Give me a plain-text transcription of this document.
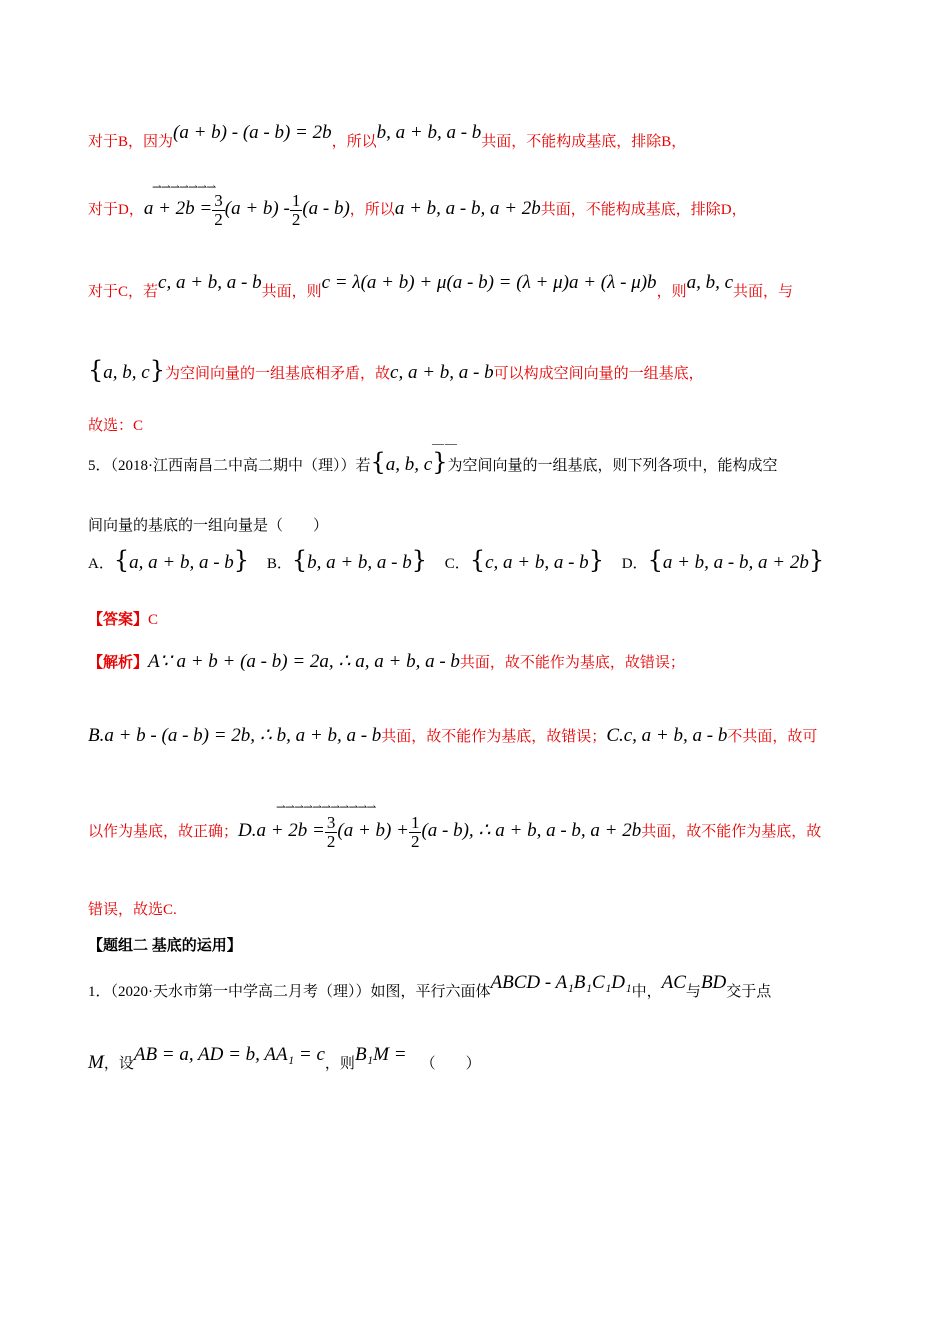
对于B，因为(a + b) - (a - b) = 2b，所以b, a + b, a - b共面，不能构成基底，排除B，
⇀⇀⇀⇀⇀⇀⇀
对于D，$a + 2b = \frac{3}{2} (a + b) - \frac{1}{2} (a - b)$，所以a + b, a - b, a + 2b共面，不能构成基底，排除D，
对于C，若c, a + b, a - b共面，则c = λ(a + b) + μ(a - b) = (λ + μ)a + (λ - μ)b，则a, b, c共面，与
{a, b, c}为空间向量的一组基底相矛盾，故c, a + b, a - b可以构成空间向量的一组基底，
故选：C
— —
5．（2018·江西南昌二中高二期中（理））若{a, b, c}为空间向量的一组基底，则下列各项中，能构成空
间向量的基底的一组向量是（　　）
A．{a, a + b, a - b} B．{b, a + b, a - b} C．{c, a + b, a - b} D．{a + b, a - b, a + 2b}
【答案】C
【解析】A∵ a + b + (a - b) = 2a, ∴ a, a + b, a - b共面，故不能作为基底，故错误；
B.a + b - (a - b) = 2b, ∴ b, a + b, a - b共面，故不能作为基底，故错误；C.c, a + b, a - b不共面，故可
⇀⇀⇀⇀⇀⇀⇀⇀⇀⇀⇀
以作为基底，故正确；$D.a + 2b = \frac{3}{2} (a + b) + \frac{1}{2} (a - b)$, ∴ a + b, a - b, a + 2b共面，故不能作为基底，故
错误，故选C.
【题组二 基底的运用】
1．（2020·天水市第一中学高二月考（理））如图，平行六面体ABCD - A₁B₁C₁D₁中，AC与BD交于点
M，设AB = a, AD = b, AA₁ = c，则B₁M = （　　）
